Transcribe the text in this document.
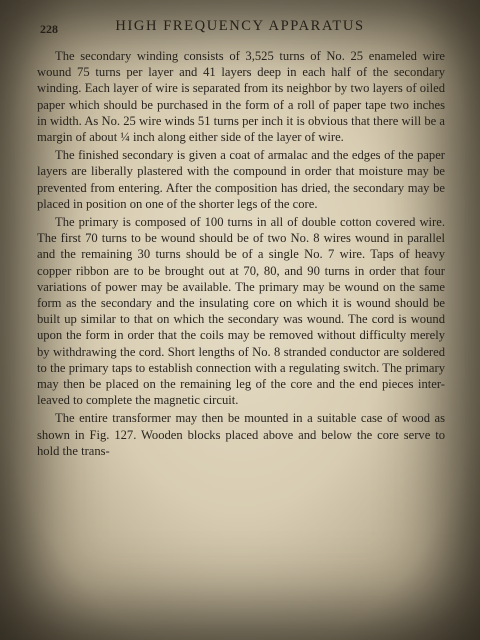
228	HIGH FREQUENCY APPARATUS

The secondary winding consists of 3,525 turns of No. 25 enameled wire wound 75 turns per layer and 41 layers deep in each half of the secondary winding. Each layer of wire is separated from its neighbor by two layers of oiled paper which should be purchased in the form of a roll of paper tape two inches in width. As No. 25 wire winds 51 turns per inch it is obvious that there will be a margin of about ¼ inch along either side of the layer of wire.

The finished secondary is given a coat of armalac and the edges of the paper layers are liberally plastered with the compound in order that moisture may be prevented from entering. After the composition has dried, the secondary may be placed in position on one of the shorter legs of the core.

The primary is composed of 100 turns in all of double cotton covered wire. The first 70 turns to be wound should be of two No. 8 wires wound in parallel and the remaining 30 turns should be of a single No. 7 wire. Taps of heavy copper ribbon are to be brought out at 70, 80, and 90 turns in order that four variations of power may be available. The primary may be wound on the same form as the secondary and the insulating core on which it is wound should be built up similar to that on which the secondary was wound. The cord is wound upon the form in order that the coils may be removed without difficulty merely by withdrawing the cord. Short lengths of No. 8 stranded conductor are soldered to the primary taps to establish connection with a regulating switch. The primary may then be placed on the remaining leg of the core and the end pieces inter-leaved to complete the magnetic circuit.

The entire transformer may then be mounted in a suitable case of wood as shown in Fig. 127. Wooden blocks placed above and below the core serve to hold the trans-
